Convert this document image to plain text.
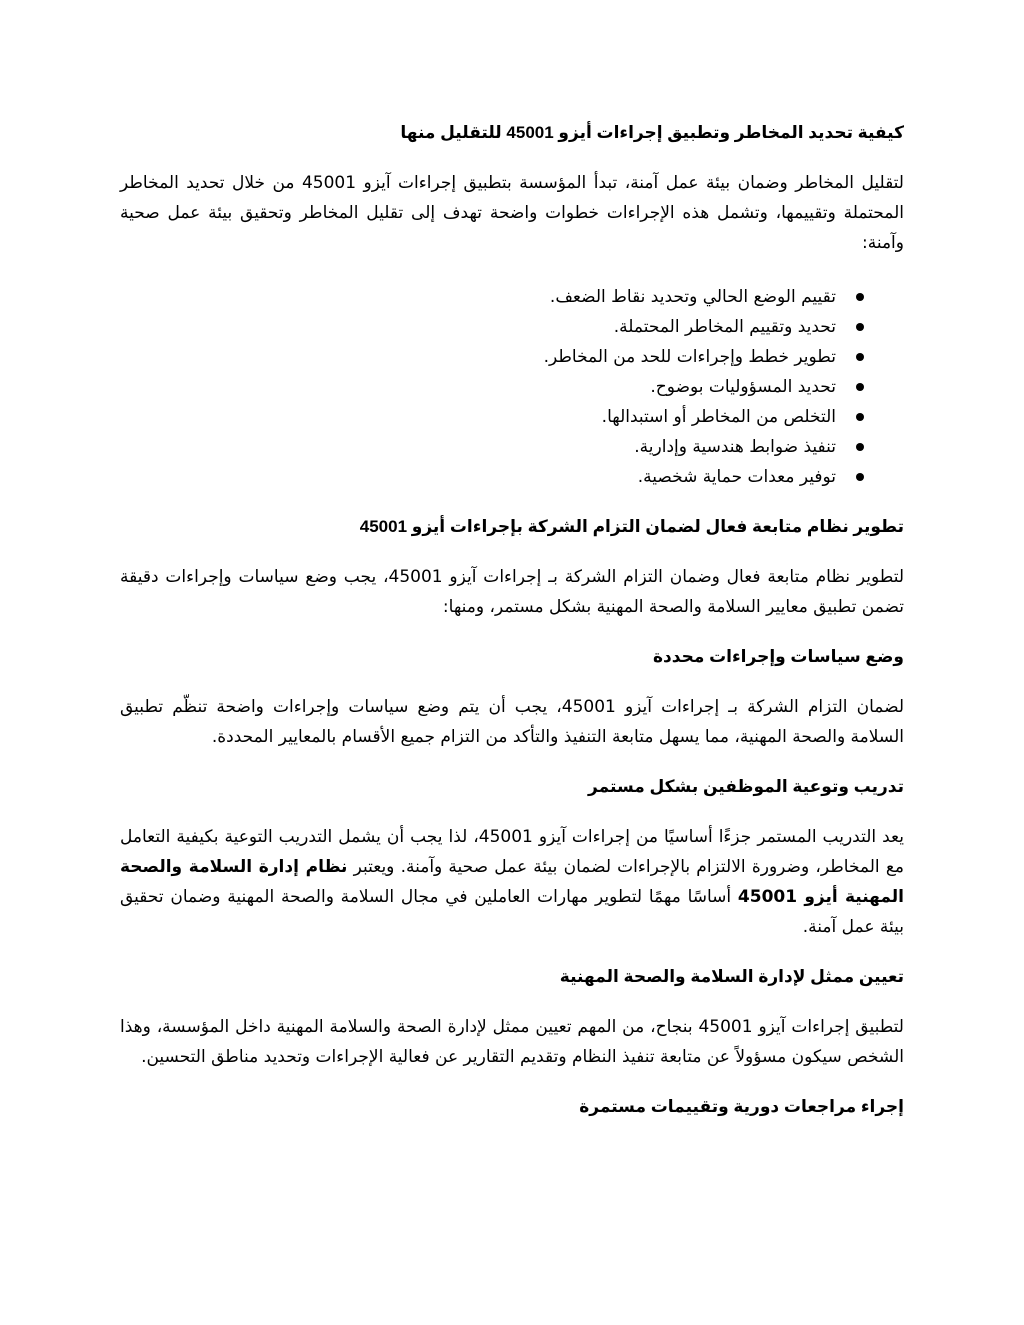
كيفية تحديد المخاطر وتطبيق إجراءات أيزو 45001 للتقليل منها

لتقليل المخاطر وضمان بيئة عمل آمنة، تبدأ المؤسسة بتطبيق إجراءات آيزو 45001 من خلال تحديد المخاطر المحتملة وتقييمها، وتشمل هذه الإجراءات خطوات واضحة تهدف إلى تقليل المخاطر وتحقيق بيئة عمل صحية وآمنة:

تقييم الوضع الحالي وتحديد نقاط الضعف.
تحديد وتقييم المخاطر المحتملة.
تطوير خطط وإجراءات للحد من المخاطر.
تحديد المسؤوليات بوضوح.
التخلص من المخاطر أو استبدالها.
تنفيذ ضوابط هندسية وإدارية.
توفير معدات حماية شخصية.
تطوير نظام متابعة فعال لضمان التزام الشركة بإجراءات أيزو 45001

لتطوير نظام متابعة فعال وضمان التزام الشركة بـ إجراءات آيزو 45001، يجب وضع سياسات وإجراءات دقيقة تضمن تطبيق معايير السلامة والصحة المهنية بشكل مستمر، ومنها:

وضع سياسات وإجراءات محددة

لضمان التزام الشركة بـ إجراءات آيزو 45001، يجب أن يتم وضع سياسات وإجراءات واضحة تنظّم تطبيق السلامة والصحة المهنية، مما يسهل متابعة التنفيذ والتأكد من التزام جميع الأقسام بالمعايير المحددة.

تدريب وتوعية الموظفين بشكل مستمر

يعد التدريب المستمر جزءًا أساسيًا من إجراءات آيزو 45001، لذا يجب أن يشمل التدريب التوعية بكيفية التعامل مع المخاطر، وضرورة الالتزام بالإجراءات لضمان بيئة عمل صحية وآمنة. ويعتبر نظام إدارة السلامة والصحة المهنية أيزو 45001 أساسًا مهمًا لتطوير مهارات العاملين في مجال السلامة والصحة المهنية وضمان تحقيق بيئة عمل آمنة.

تعيين ممثل لإدارة السلامة والصحة المهنية

لتطبيق إجراءات آيزو 45001 بنجاح، من المهم تعيين ممثل لإدارة الصحة والسلامة المهنية داخل المؤسسة، وهذا الشخص سيكون مسؤولاً عن متابعة تنفيذ النظام وتقديم التقارير عن فعالية الإجراءات وتحديد مناطق التحسين.

إجراء مراجعات دورية وتقييمات مستمرة
